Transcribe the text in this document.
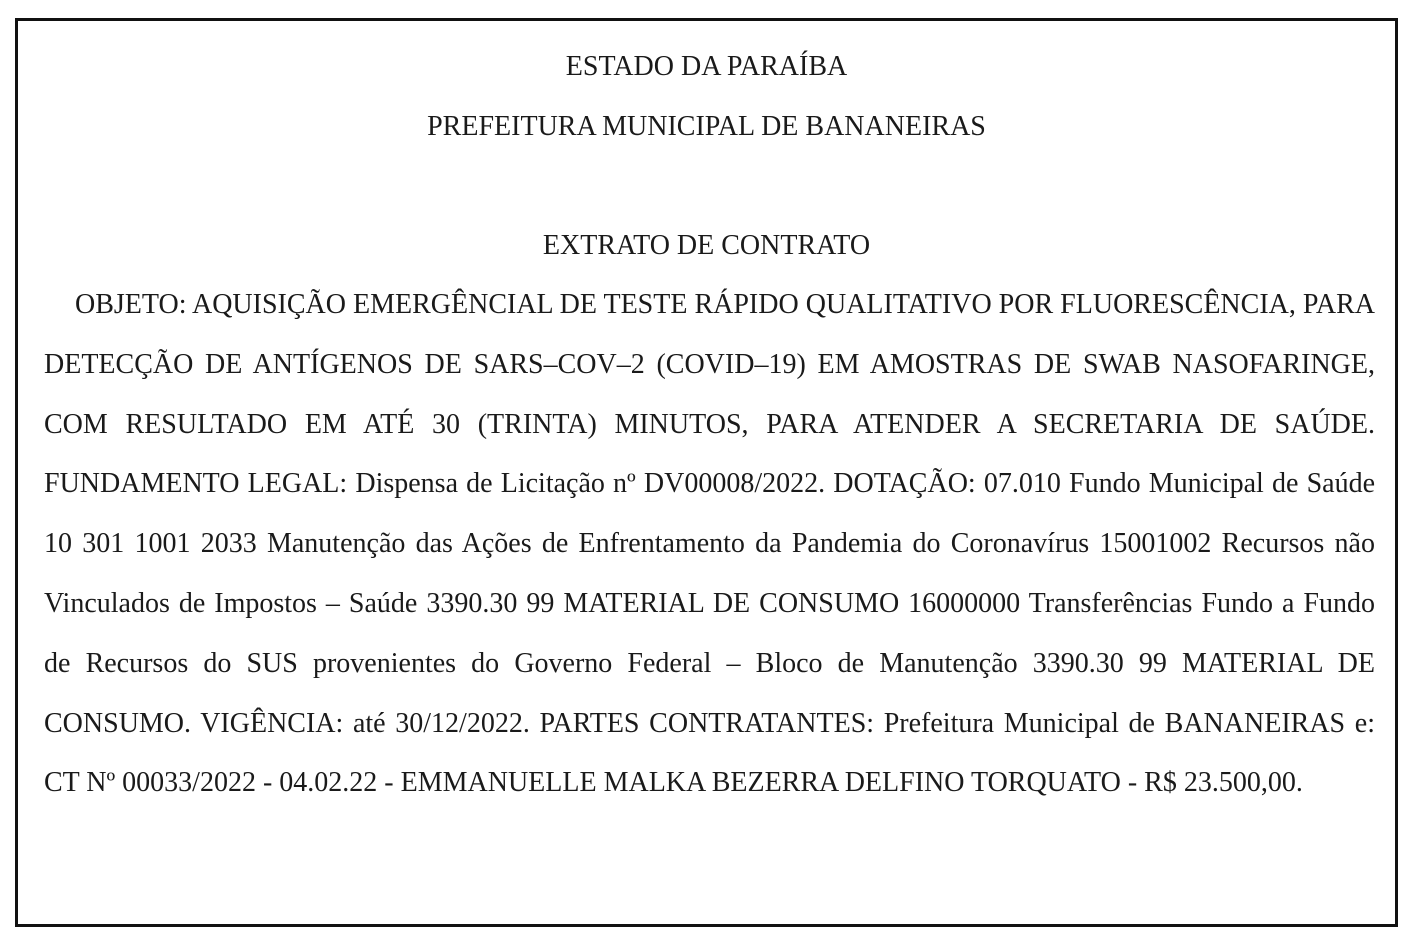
ESTADO DA PARAÍBA
PREFEITURA MUNICIPAL DE BANANEIRAS
EXTRATO DE CONTRATO

OBJETO: AQUISIÇÃO EMERGÊNCIAL DE TESTE RÁPIDO QUALITATIVO POR FLUORESCÊNCIA, PARA DETECÇÃO DE ANTÍGENOS DE SARS–COV–2 (COVID–19) EM AMOSTRAS DE SWAB NASOFARINGE, COM RESULTADO EM ATÉ 30 (TRINTA) MINUTOS, PARA ATENDER A SECRETARIA DE SAÚDE. FUNDAMENTO LEGAL: Dispensa de Licitação nº DV00008/2022. DOTAÇÃO: 07.010 Fundo Municipal de Saúde 10 301 1001 2033 Manutenção das Ações de Enfrentamento da Pandemia do Coronavírus 15001002 Recursos não Vinculados de Impostos – Saúde 3390.30 99 MATERIAL DE CONSUMO 16000000 Transferências Fundo a Fundo de Recursos do SUS provenientes do Governo Federal – Bloco de Manutenção 3390.30 99 MATERIAL DE CONSUMO. VIGÊNCIA: até 30/12/2022. PARTES CONTRATANTES: Prefeitura Municipal de BANANEIRAS e: CT Nº 00033/2022 - 04.02.22 - EMMANUELLE MALKA BEZERRA DELFINO TORQUATO - R$ 23.500,00.
